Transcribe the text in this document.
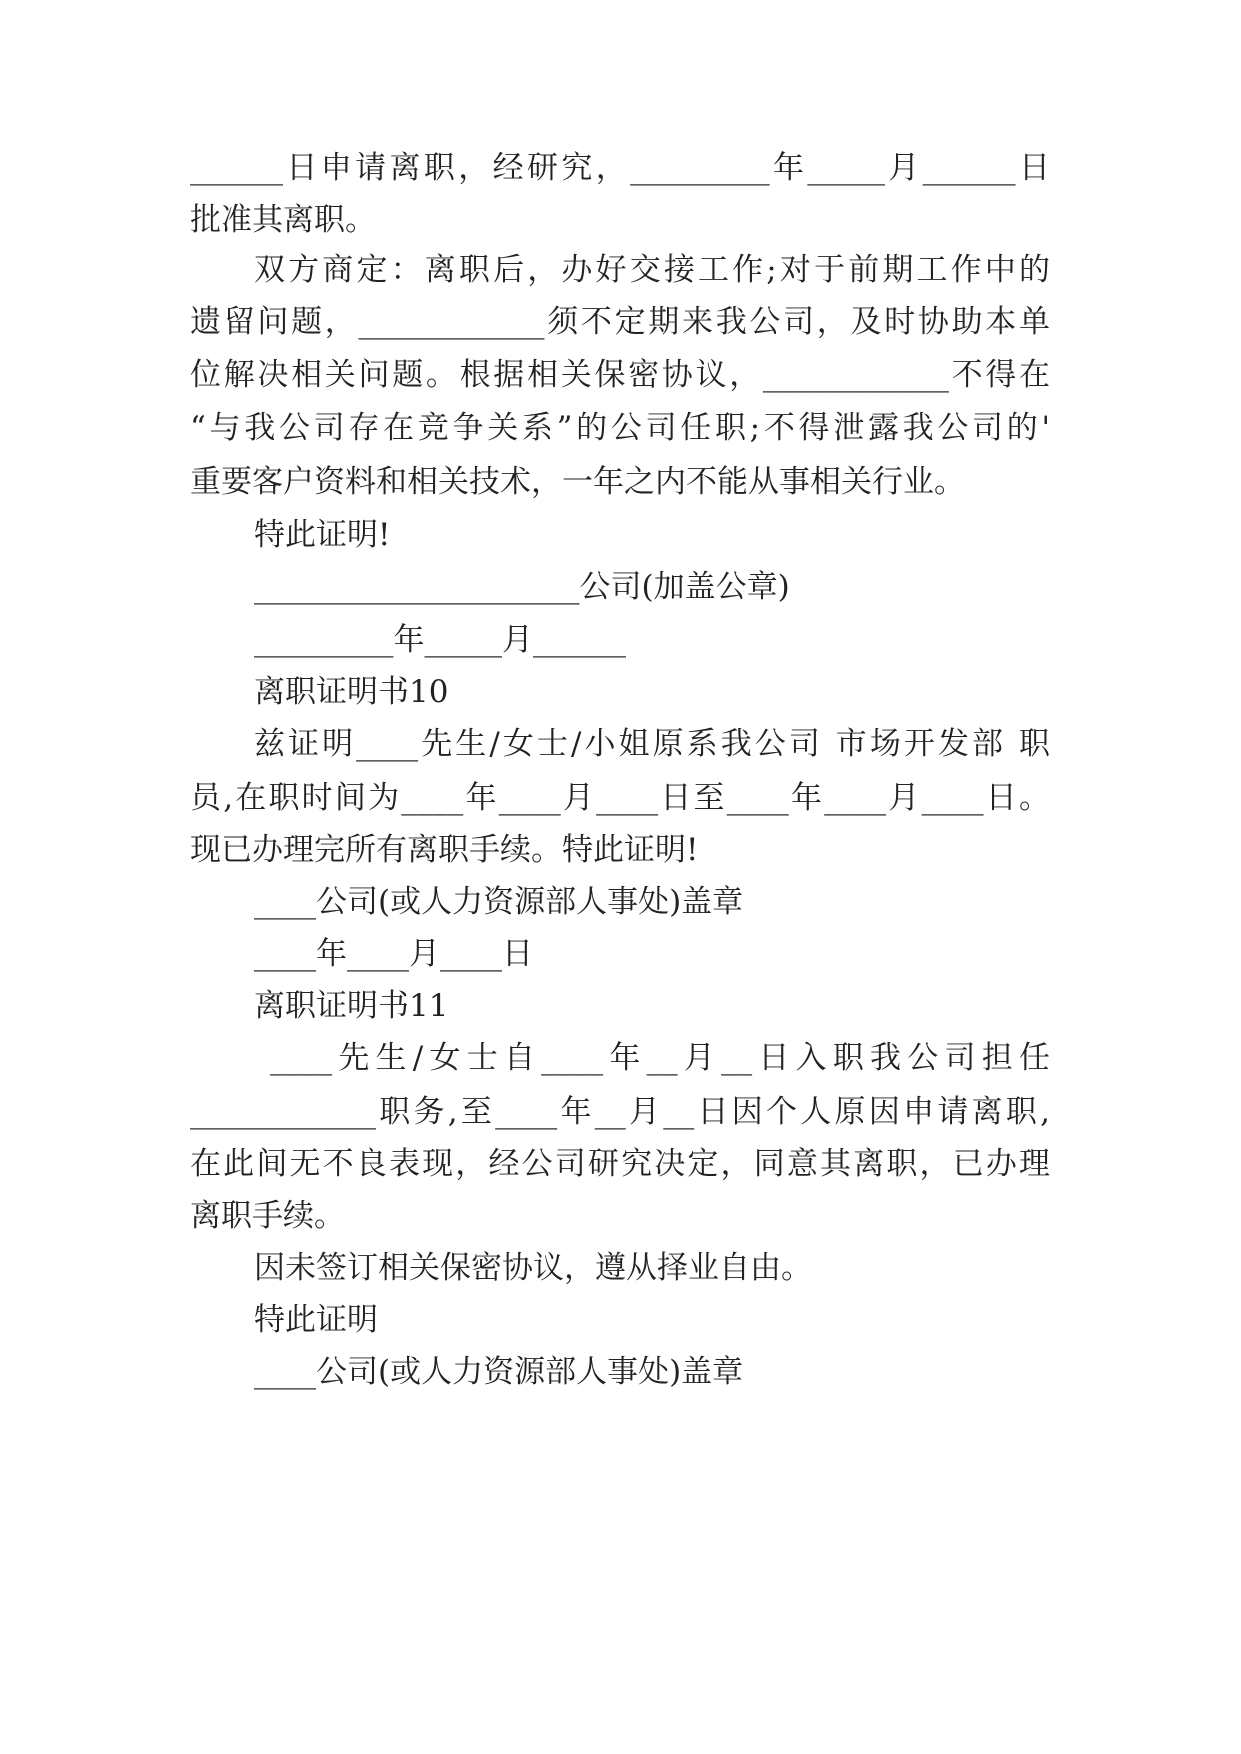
______日申请离职，经研究，_________年_____月______日
批准其离职。
双方商定：离职后，办好交接工作;对于前期工作中的
遗留问题，____________须不定期来我公司，及时协助本单
位解决相关问题。根据相关保密协议，____________不得在
“与我公司存在竞争关系”的公司任职;不得泄露我公司的'
重要客户资料和相关技术，一年之内不能从事相关行业。
特此证明!
_____________________公司(加盖公章)
_________年_____月______
离职证明书10
兹证明____先生/女士/小姐原系我公司 市场开发部 职
员,在职时间为____年____月____日至____年____月____日。
现已办理完所有离职手续。特此证明!
____公司(或人力资源部人事处)盖章
____年____月____日
离职证明书11
____先生/女士自____年__月__日入职我公司担任
____________职务,至____年__月__日因个人原因申请离职,
在此间无不良表现，经公司研究决定，同意其离职，已办理
离职手续。
因未签订相关保密协议，遵从择业自由。
特此证明
____公司(或人力资源部人事处)盖章
